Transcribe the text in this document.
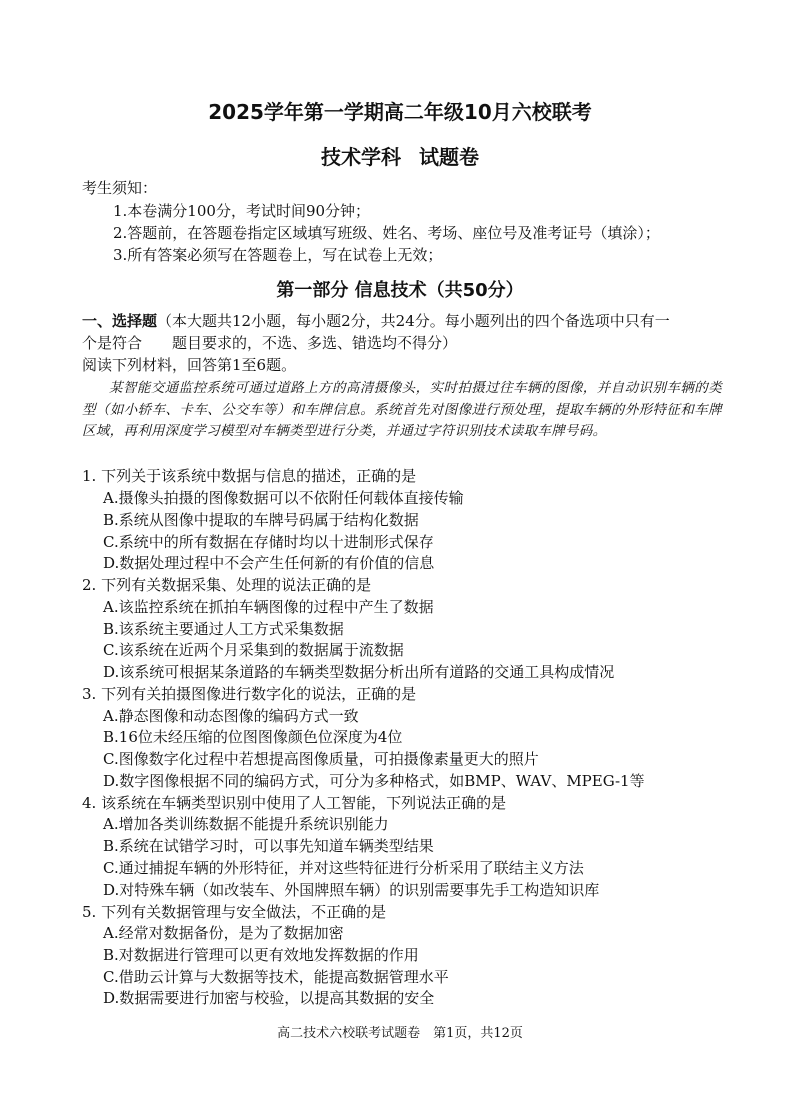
2025学年第一学期高二年级10月六校联考
技术学科 试题卷
考生须知：
1.本卷满分100分，考试时间90分钟；
2.答题前，在答题卷指定区域填写班级、姓名、考场、座位号及准考证号（填涂）；
3.所有答案必须写在答题卷上，写在试卷上无效；
第一部分 信息技术（共50分）
一、选择题（本大题共12小题，每小题2分，共24分。每小题列出的四个备选项中只有一
个是符合　　题目要求的，不选、多选、错选均不得分）
阅读下列材料，回答第1至6题。
某智能交通监控系统可通过道路上方的高清摄像头，实时拍摄过往车辆的图像，并自动识别车辆的类型（如小轿车、卡车、公交车等）和车牌信息。系统首先对图像进行预处理，提取车辆的外形特征和车牌区域，再利用深度学习模型对车辆类型进行分类，并通过字符识别技术读取车牌号码。
1. 下列关于该系统中数据与信息的描述，正确的是
A.摄像头拍摄的图像数据可以不依附任何载体直接传输
B.系统从图像中提取的车牌号码属于结构化数据
C.系统中的所有数据在存储时均以十进制形式保存
D.数据处理过程中不会产生任何新的有价值的信息
2. 下列有关数据采集、处理的说法正确的是
A.该监控系统在抓拍车辆图像的过程中产生了数据
B.该系统主要通过人工方式采集数据
C.该系统在近两个月采集到的数据属于流数据
D.该系统可根据某条道路的车辆类型数据分析出所有道路的交通工具构成情况
3. 下列有关拍摄图像进行数字化的说法，正确的是
A.静态图像和动态图像的编码方式一致
B.16位未经压缩的位图图像颜色位深度为4位
C.图像数字化过程中若想提高图像质量，可拍摄像素量更大的照片
D.数字图像根据不同的编码方式，可分为多种格式，如BMP、WAV、MPEG-1等
4. 该系统在车辆类型识别中使用了人工智能，下列说法正确的是
A.增加各类训练数据不能提升系统识别能力
B.系统在试错学习时，可以事先知道车辆类型结果
C.通过捕捉车辆的外形特征，并对这些特征进行分析采用了联结主义方法
D.对特殊车辆（如改装车、外国牌照车辆）的识别需要事先手工构造知识库
5. 下列有关数据管理与安全做法，不正确的是
A.经常对数据备份，是为了数据加密
B.对数据进行管理可以更有效地发挥数据的作用
C.借助云计算与大数据等技术，能提高数据管理水平
D.数据需要进行加密与校验，以提高其数据的安全
高二技术六校联考试题卷　第1页，共12页
